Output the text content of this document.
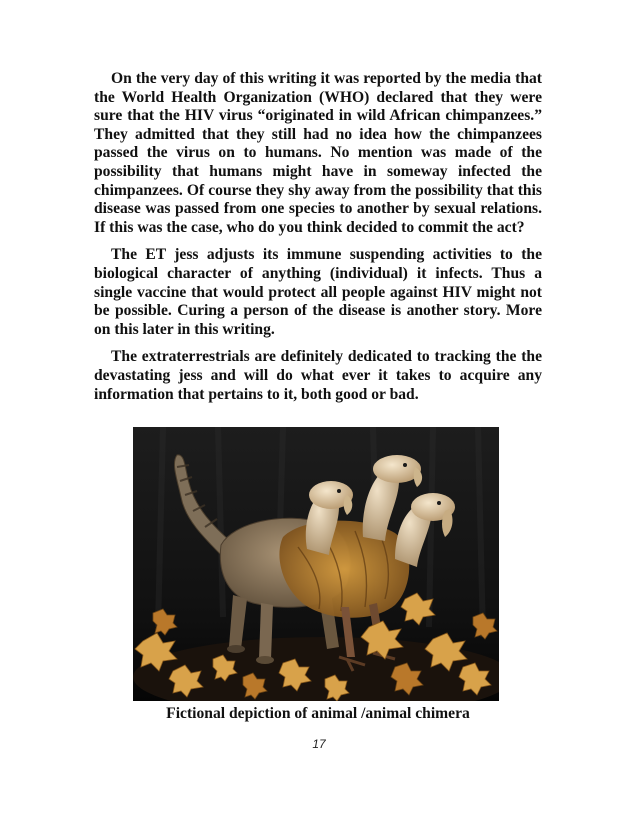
On the very day of this writing it was reported by the media that the World Health Organization (WHO) declared that they were sure that the HIV virus “originated in wild African chimpanzees.” They admitted that they still had no idea how the chimpanzees passed the virus on to humans. No mention was made of the possibility that humans might have in someway infected the chimpanzees. Of course they shy away from the possibility that this disease was passed from one species to another by sexual relations. If this was the case, who do you think decided to commit the act?

The ET jess adjusts its immune suspending activities to the biological character of anything (individual) it infects. Thus a single vaccine that would protect all people against HIV might not be possible. Curing a person of the disease is another story. More on this later in this writing.

The extraterrestrials are definitely dedicated to tracking the the devastating jess and will do what ever it takes to acquire any information that pertains to it, both good or bad.

Fictional depiction of animal /animal chimera
17
